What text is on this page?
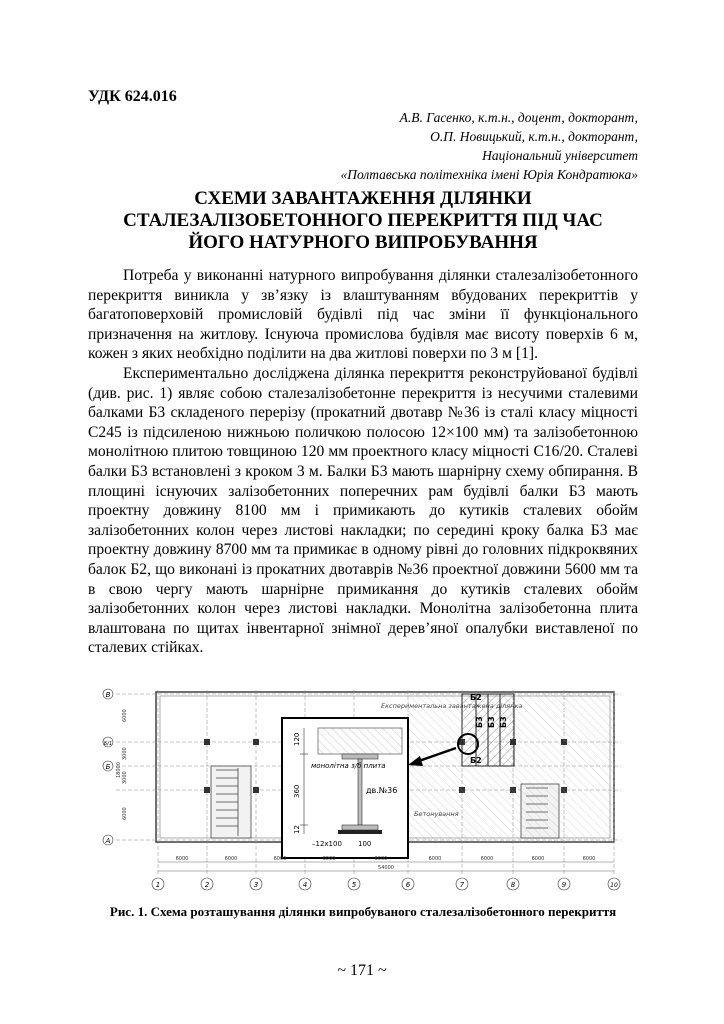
УДК 624.016
А.В. Гасенко, к.т.н., доцент, докторант,
О.П. Новицький, к.т.н., докторант,
Національний університет
«Полтавська політехніка імені Юрія Кондратюка»
СХЕМИ ЗАВАНТАЖЕННЯ ДІЛЯНКИ
СТАЛЕЗАЛІЗОБЕТОННОГО ПЕРЕКРИТТЯ ПІД ЧАС
ЙОГО НАТУРНОГО ВИПРОБУВАННЯ

Потреба у виконанні натурного випробування ділянки сталезалізобетонного перекриття виникла у зв’язку із влаштуванням вбудованих перекриттів у багатоповерховій промисловій будівлі під час зміни її функціонального призначення на житлову. Існуюча промислова будівля має висоту поверхів 6 м, кожен з яких необхідно поділити на два житлові поверхи по 3 м [1].

Експериментально досліджена ділянка перекриття реконструйованої будівлі (див. рис. 1) являє собою сталезалізобетонне перекриття із несучими сталевими балками Б3 складеного перерізу (прокатний двотавр №36 із сталі класу міцності С245 із підсиленою нижньою поличкою полосою 12×100 мм) та залізобетонною монолітною плитою товщиною 120 мм проектного класу міцності С16/20. Сталеві балки Б3 встановлені з кроком 3 м. Балки Б3 мають шарнірну схему обпирання. В площині існуючих залізобетонних поперечних рам будівлі балки Б3 мають проектну довжину 8100 мм і примикають до кутиків сталевих обойм залізобетонних колон через листові накладки; по середині кроку балка Б3 має проектну довжину 8700 мм та примикає в одному рівні до головних підкроквяних балок Б2, що виконані із прокатних двотаврів №36 проектної довжини 5600 мм та в свою чергу мають шарнірне примикання до кутиків сталевих обойм залізобетонних колон через листові накладки. Монолітна залізобетонна плита влаштована по щитах інвентарної знімної дерев’яної опалубки виставленої по сталевих стійках.

Б2
Б3 Б3 Б3
Б2
Експериментальна завантажена ділянка
Бетонування
120
360
12
монолітна з/б плита
дв.№36
–12х100 100
В
Б/1
Б
А
6000
3000
3000
6000
18000
6000	6000	6000	6000	6000	6000	6000	6000	6000
54000
1	2	3	4	5	6	7	8	9	10
Рис. 1. Схема розташування ділянки випробуваного сталезалізобетонного перекриття
~ 171 ~
